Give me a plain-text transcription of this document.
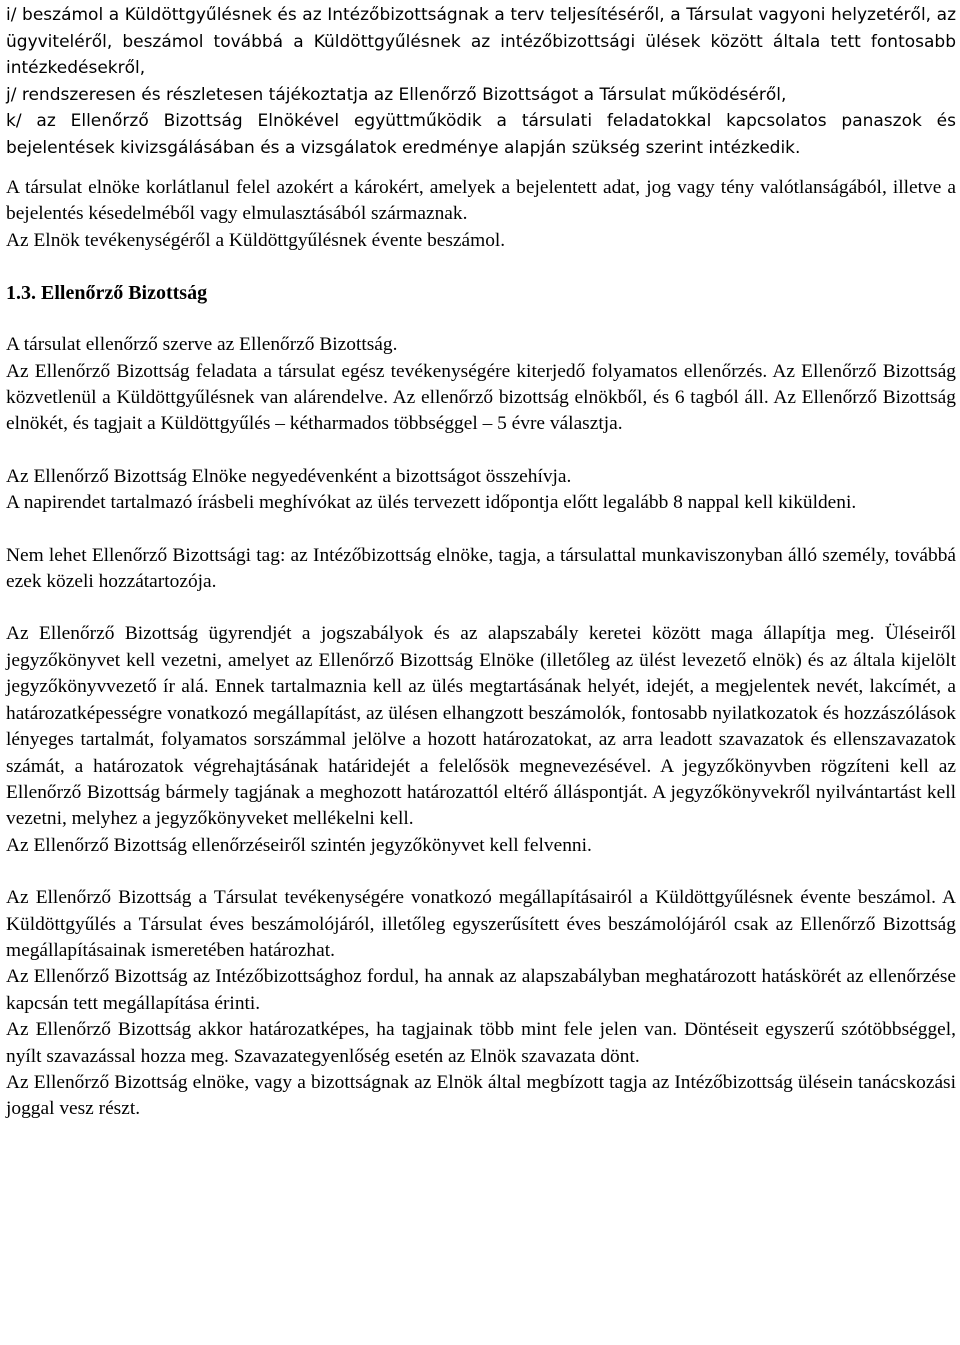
i/ beszámol a Küldöttgyűlésnek és az Intézőbizottságnak a terv teljesítéséről, a Társulat vagyoni helyzetéről, az ügyviteléről, beszámol továbbá a Küldöttgyűlésnek az intézőbizottsági ülések között általa tett fontosabb intézkedésekről,

j/ rendszeresen és részletesen tájékoztatja az Ellenőrző Bizottságot a Társulat működéséről,

k/ az Ellenőrző Bizottság Elnökével együttműködik a társulati feladatokkal kapcsolatos panaszok és bejelentések kivizsgálásában és a vizsgálatok eredménye alapján szükség szerint intézkedik.

A társulat elnöke korlátlanul felel azokért a károkért, amelyek a bejelentett adat, jog vagy tény valótlanságából, illetve a bejelentés késedelméből vagy elmulasztásából származnak.

Az Elnök tevékenységéről a Küldöttgyűlésnek évente beszámol.

1.3. Ellenőrző Bizottság

A társulat ellenőrző szerve az Ellenőrző Bizottság.

Az Ellenőrző Bizottság feladata a társulat egész tevékenységére kiterjedő folyamatos ellenőrzés. Az Ellenőrző Bizottság közvetlenül a Küldöttgyűlésnek van alárendelve. Az ellenőrző bizottság elnökből, és 6 tagból áll. Az Ellenőrző Bizottság elnökét, és tagjait a Küldöttgyűlés – kétharmados többséggel – 5 évre választja.

Az Ellenőrző Bizottság Elnöke negyedévenként a bizottságot összehívja.

A napirendet tartalmazó írásbeli meghívókat az ülés tervezett időpontja előtt legalább 8 nappal kell kiküldeni.

Nem lehet Ellenőrző Bizottsági tag: az Intézőbizottság elnöke, tagja, a társulattal munkaviszonyban álló személy, továbbá ezek közeli hozzátartozója.

Az Ellenőrző Bizottság ügyrendjét a jogszabályok és az alapszabály keretei között maga állapítja meg. Üléseiről jegyzőkönyvet kell vezetni, amelyet az Ellenőrző Bizottság Elnöke (illetőleg az ülést levezető elnök) és az általa kijelölt jegyzőkönyvvezető ír alá. Ennek tartalmaznia kell az ülés megtartásának helyét, idejét, a megjelentek nevét, lakcímét, a határozatképességre vonatkozó megállapítást, az ülésen elhangzott beszámolók, fontosabb nyilatkozatok és hozzászólások lényeges tartalmát, folyamatos sorszámmal jelölve a hozott határozatokat, az arra leadott szavazatok és ellenszavazatok számát, a határozatok végrehajtásának határidejét a felelősök megnevezésével. A jegyzőkönyvben rögzíteni kell az Ellenőrző Bizottság bármely tagjának a meghozott határozattól eltérő álláspontját. A jegyzőkönyvekről nyilvántartást kell vezetni, melyhez a jegyzőkönyveket mellékelni kell.

Az Ellenőrző Bizottság ellenőrzéseiről szintén jegyzőkönyvet kell felvenni.

Az Ellenőrző Bizottság a Társulat tevékenységére vonatkozó megállapításairól a Küldöttgyűlésnek évente beszámol. A Küldöttgyűlés a Társulat éves beszámolójáról, illetőleg egyszerűsített éves beszámolójáról csak az Ellenőrző Bizottság megállapításainak ismeretében határozhat.

Az Ellenőrző Bizottság az Intézőbizottsághoz fordul, ha annak az alapszabályban meghatározott hatáskörét az ellenőrzése kapcsán tett megállapítása érinti.

Az Ellenőrző Bizottság akkor határozatképes, ha tagjainak több mint fele jelen van. Döntéseit egyszerű szótöbbséggel, nyílt szavazással hozza meg. Szavazategyenlőség esetén az Elnök szavazata dönt.

Az Ellenőrző Bizottság elnöke, vagy a bizottságnak az Elnök által megbízott tagja az Intézőbizottság ülésein tanácskozási joggal vesz részt.
